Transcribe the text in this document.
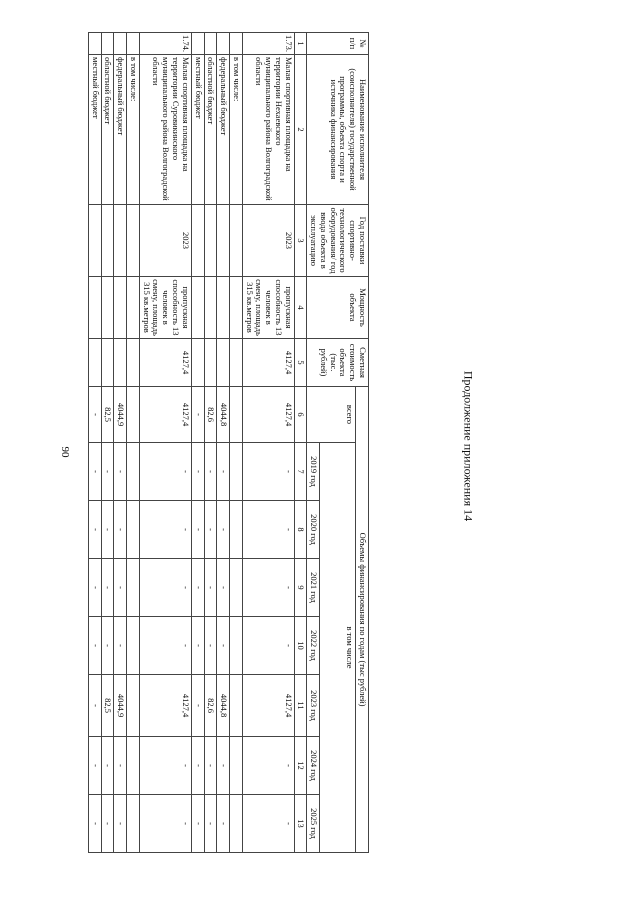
90	Продолжение приложения 14
№ п/п	Наименование исполнителя (соисполнителя) государственной программы, объекта спорта и источника финансирования	Год поставки спортивно-технологического оборудования/ год ввода объекта в эксплуатацию	Мощность объекта	Сметная стоимость объекта (тыс. рублей)	Объемы финансирования по годам (тыс рублей)							
					всего	в том числе						
						2019 год	2020 год	2021 год	2022 год	2023 год	2024 год	2025 год
1	2	3	4	5	6	7	8	9	10	11	12	13
1.73.	Малая спортивная площадка на территории Нехаевского муниципального района Волгоградской области	2023	пропускная способность 13 человек в смену, площадь 315 кв.метров	4127,4	4127,4	-	-	-	-	4127,4	-	-
	в том числе:											
	федеральный бюджет				4044,8	-	-	-	-	4044,8	-	-
	областной бюджет				82,6	-	-	-	-	82,6	-	-
	местный бюджет				-	-	-	-	-	-	-	-
1.74.	Малая спортивная площадка на территории Суровикинского муниципального района Волгоградской области	2023	пропускная способность 13 человек в смену, площадь 315 кв.метров	4127,4	4127,4	-	-	-	-	4127,4	-	-
	в том числе:											
	федеральный бюджет				4044,9	-	-	-	-	4044,9	-	-
	областной бюджет				82,5	-	-	-	-	82,5	-	-
	местный бюджет				-	-	-	-	-	-	-	-
